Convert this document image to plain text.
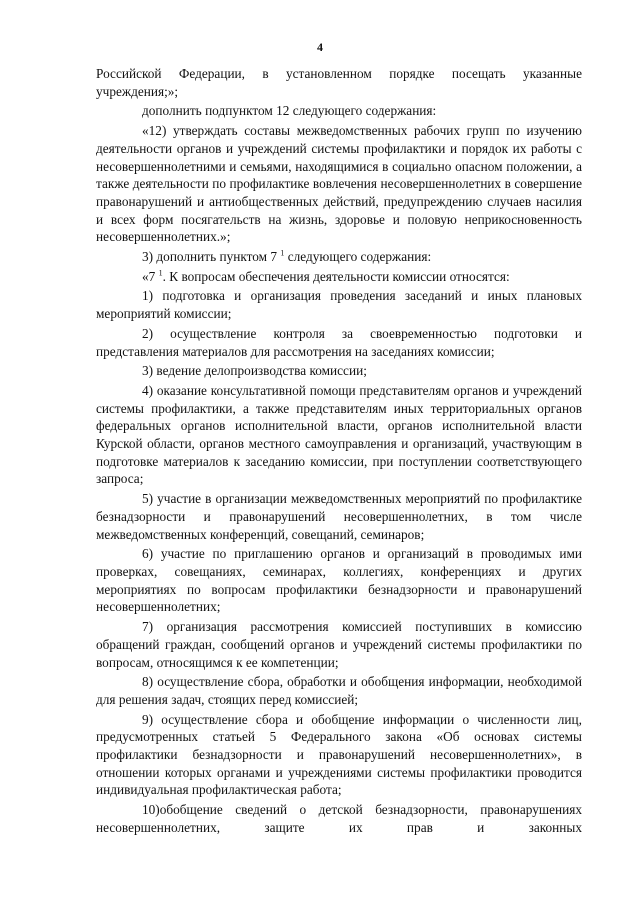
4

Российской Федерации, в установленном порядке посещать указанные учреждения;»;

дополнить подпунктом 12 следующего содержания:

«12) утверждать составы межведомственных рабочих групп по изучению деятельности органов и учреждений системы профилактики и порядок их работы с несовершеннолетними и семьями, находящимися в социально опасном положении, а также деятельности по профилактике вовлечения несовершеннолетних в совершение правонарушений и антиобщественных действий, предупреждению случаев насилия и всех форм посягательств на жизнь, здоровье и половую неприкосновенность несовершеннолетних.»;

3) дополнить пунктом 7 $^1$ следующего содержания:

«7 $^1$. К вопросам обеспечения деятельности комиссии относятся:

1) подготовка и организация проведения заседаний и иных плановых мероприятий комиссии;

2) осуществление контроля за своевременностью подготовки и представления материалов для рассмотрения на заседаниях комиссии;

3) ведение делопроизводства комиссии;

4) оказание консультативной помощи представителям органов и учреждений системы профилактики, а также представителям иных территориальных органов федеральных органов исполнительной власти, органов исполнительной власти Курской области, органов местного самоуправления и организаций, участвующим в подготовке материалов к заседанию комиссии, при поступлении соответствующего запроса;

5) участие в организации межведомственных мероприятий по профилактике безнадзорности и правонарушений несовершеннолетних, в том числе межведомственных конференций, совещаний, семинаров;

6) участие по приглашению органов и организаций в проводимых ими проверках, совещаниях, семинарах, коллегиях, конференциях и других мероприятиях по вопросам профилактики безнадзорности и правонарушений несовершеннолетних;

7) организация рассмотрения комиссией поступивших в комиссию обращений граждан, сообщений органов и учреждений системы профилактики по вопросам, относящимся к ее компетенции;

8) осуществление сбора, обработки и обобщения информации, необходимой для решения задач, стоящих перед комиссией;

9) осуществление сбора и обобщение информации о численности лиц, предусмотренных статьей 5 Федерального закона «Об основах системы профилактики безнадзорности и правонарушений несовершеннолетних», в отношении которых органами и учреждениями системы профилактики проводится индивидуальная профилактическая работа;

10)обобщение сведений о детской безнадзорности, правонарушениях несовершеннолетних, защите их прав и законных
